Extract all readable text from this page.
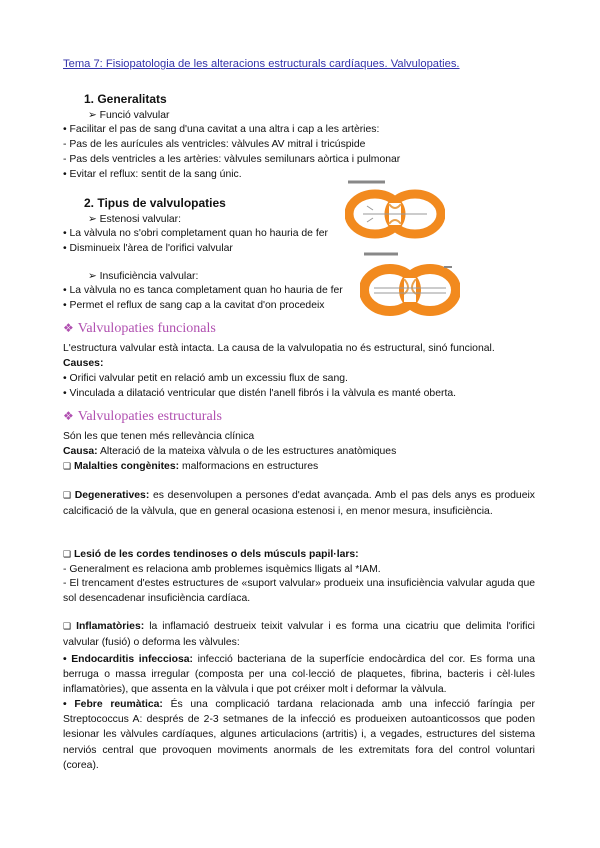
Tema 7: Fisiopatologia de les alteracions estructurals cardíaques. Valvulopaties.
1. Generalitats
➢ Funció valvular
• Facilitar el pas de sang d'una cavitat a una altra i cap a les artèries:
- Pas de les aurícules als ventricles: vàlvules AV mitral i tricúspide
- Pas dels ventricles a les artèries: vàlvules semilunars aòrtica i pulmonar
• Evitar el reflux: sentit de la sang únic.
2. Tipus de valvulopaties
➢ Estenosi valvular:
• La vàlvula no s'obri completament quan ho hauria de fer
• Disminueix l'àrea de l'orifici valvular
➢ Insuficiència valvular:
• La vàlvula no es tanca completament quan ho hauria de fer
• Permet el reflux de sang cap a la cavitat d'on procedeix
❖ Valvulopaties funcionals
L'estructura valvular està intacta. La causa de la valvulopatia no és estructural, sinó funcional.
Causes:
• Orifici valvular petit en relació amb un excessiu flux de sang.
• Vinculada a dilatació ventricular que distén l'anell fibrós i la vàlvula es manté oberta.
❖ Valvulopaties estructurals
Són les que tenen més rellevància clínica
Causa: Alteració de la mateixa vàlvula o de les estructures anatòmiques
❑ Malalties congènites: malformacions en estructures
❑ Degeneratives: es desenvolupen a persones d'edat avançada. Amb el pas dels anys es produeix calcificació de la vàlvula, que en general ocasiona estenosi i, en menor mesura, insuficiència.
❑ Lesió de les cordes tendinoses o dels músculs papil·lars:
- Generalment es relaciona amb problemes isquèmics lligats al *IAM.
- El trencament d'estes estructures de «suport valvular» produeix una insuficiència valvular aguda que sol desencadenar insuficiència cardíaca.
❑ Inflamatòries: la inflamació destrueix teixit valvular i es forma una cicatriu que delimita l'orifici valvular (fusió) o deforma les vàlvules:
• Endocarditis infecciosa: infecció bacteriana de la superfície endocàrdica del cor. Es forma una berruga o massa irregular (composta per una col·lecció de plaquetes, fibrina, bacteris i cèl·lules inflamatòries), que assenta en la vàlvula i que pot créixer molt i deformar la vàlvula.
• Febre reumàtica: És una complicació tardana relacionada amb una infecció faríngia per Streptococcus A: després de 2-3 setmanes de la infecció es produeixen autoanticossos que poden lesionar les vàlvules cardíaques, algunes articulacions (artritis) i, a vegades, estructures del sistema nerviós central que provoquen moviments anormals de les extremitats fora del control voluntari (corea).
